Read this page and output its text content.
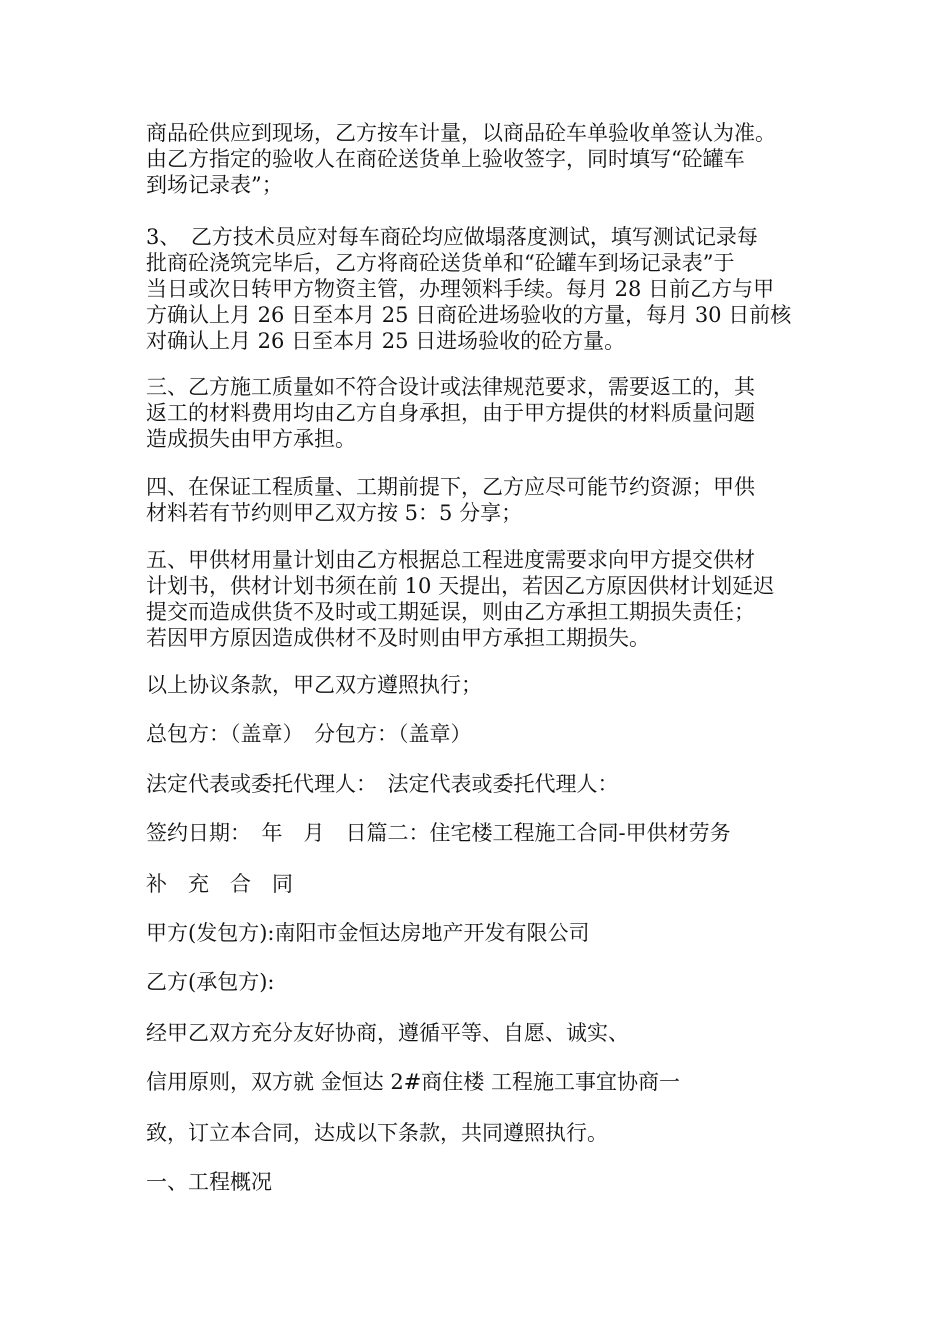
商品砼供应到现场，乙方按车计量，以商品砼车单验收单签认为准。
由乙方指定的验收人在商砼送货单上验收签字，同时填写“砼罐车
到场记录表”；
3、　乙方技术员应对每车商砼均应做塌落度测试，填写测试记录每
批商砼浇筑完毕后，乙方将商砼送货单和“砼罐车到场记录表”于
当日或次日转甲方物资主管，办理领料手续。每月 28 日前乙方与甲
方确认上月 26 日至本月 25 日商砼进场验收的方量，每月 30 日前核
对确认上月 26 日至本月 25 日进场验收的砼方量。
三、乙方施工质量如不符合设计或法律规范要求，需要返工的，其
返工的材料费用均由乙方自身承担，由于甲方提供的材料质量问题
造成损失由甲方承担。
四、在保证工程质量、工期前提下，乙方应尽可能节约资源；甲供
材料若有节约则甲乙双方按 5：5 分享；
五、甲供材用量计划由乙方根据总工程进度需要求向甲方提交供材
计划书，供材计划书须在前 10 天提出，若因乙方原因供材计划延迟
提交而造成供货不及时或工期延误，则由乙方承担工期损失责任；
若因甲方原因造成供材不及时则由甲方承担工期损失。
以上协议条款，甲乙双方遵照执行；
总包方：（盖章）　分包方：（盖章）
法定代表或委托代理人：　法定代表或委托代理人：
签约日期：　年　月　日篇二：住宅楼工程施工合同-甲供材劳务
补　充　合　同
甲方(发包方):南阳市金恒达房地产开发有限公司
乙方(承包方):
经甲乙双方充分友好协商，遵循平等、自愿、诚实、
信用原则，双方就 金恒达 2#商住楼 工程施工事宜协商一
致，订立本合同，达成以下条款，共同遵照执行。
一、工程概况
